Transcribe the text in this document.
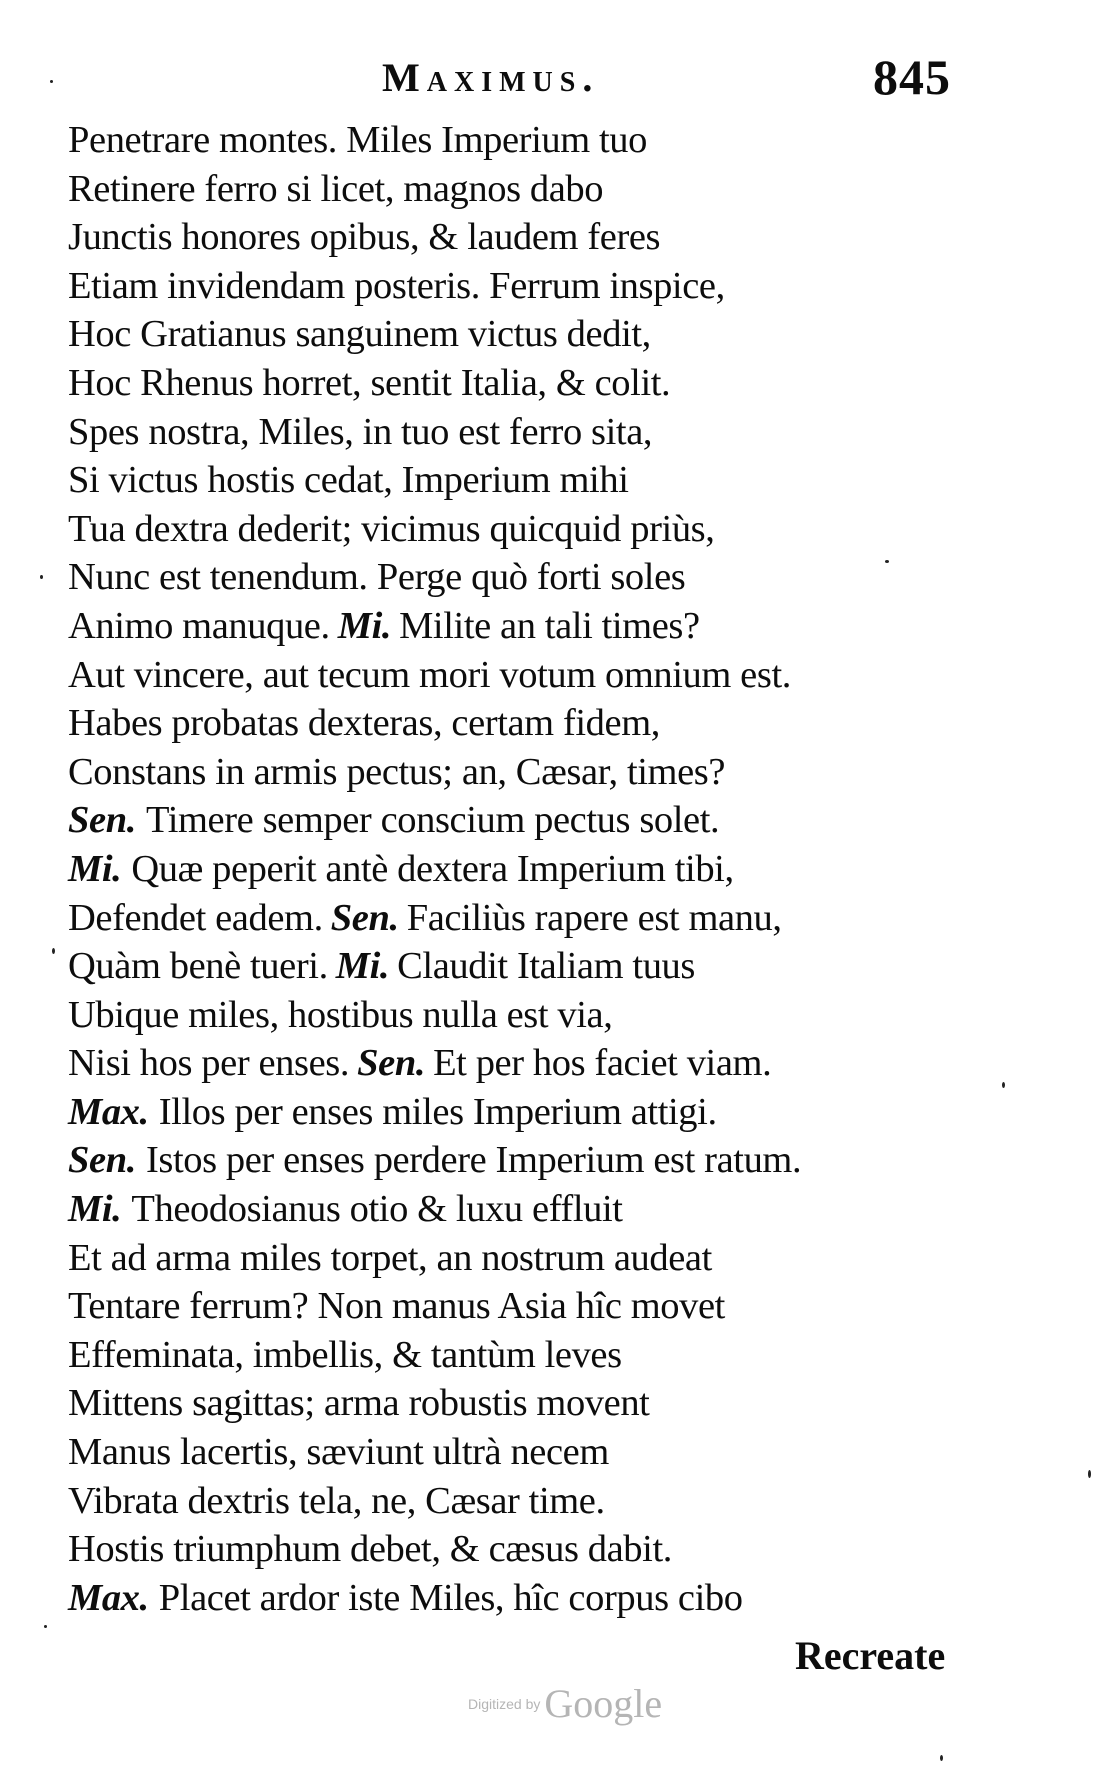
Maximus.	845
Penetrare montes. Miles Imperium tuo
Retinere ferro si licet, magnos dabo
Junctis honores opibus, & laudem feres
Etiam invidendam posteris. Ferrum inspice,
Hoc Gratianus sanguinem victus dedit,
Hoc Rhenus horret, sentit Italia, & colit.
Spes nostra, Miles, in tuo est ferro sita,
Si victus hostis cedat, Imperium mihi
Tua dextra dederit; vicimus quicquid priùs,
Nunc est tenendum. Perge quò forti soles
Animo manuque. Mi. Milite an tali times?
Aut vincere, aut tecum mori votum omnium est.
Habes probatas dexteras, certam fidem,
Constans in armis pectus; an, Cæsar, times?
Sen. Timere semper conscium pectus solet.
Mi. Quæ peperit antè dextera Imperium tibi,
Defendet eadem. Sen. Faciliùs rapere est manu,
Quàm benè tueri. Mi. Claudit Italiam tuus
Ubique miles, hostibus nulla est via,
Nisi hos per enses. Sen. Et per hos faciet viam.
Max. Illos per enses miles Imperium attigi.
Sen. Istos per enses perdere Imperium est ratum.
Mi. Theodosianus otio & luxu effluit
Et ad arma miles torpet, an nostrum audeat
Tentare ferrum? Non manus Asia hîc movet
Effeminata, imbellis, & tantùm leves
Mittens sagittas; arma robustis movent
Manus lacertis, sæviunt ultrà necem
Vibrata dextris tela, ne, Cæsar time.
Hostis triumphum debet, & cæsus dabit.
Max. Placet ardor iste Miles, hîc corpus cibo
Recreate
Digitized by Google
